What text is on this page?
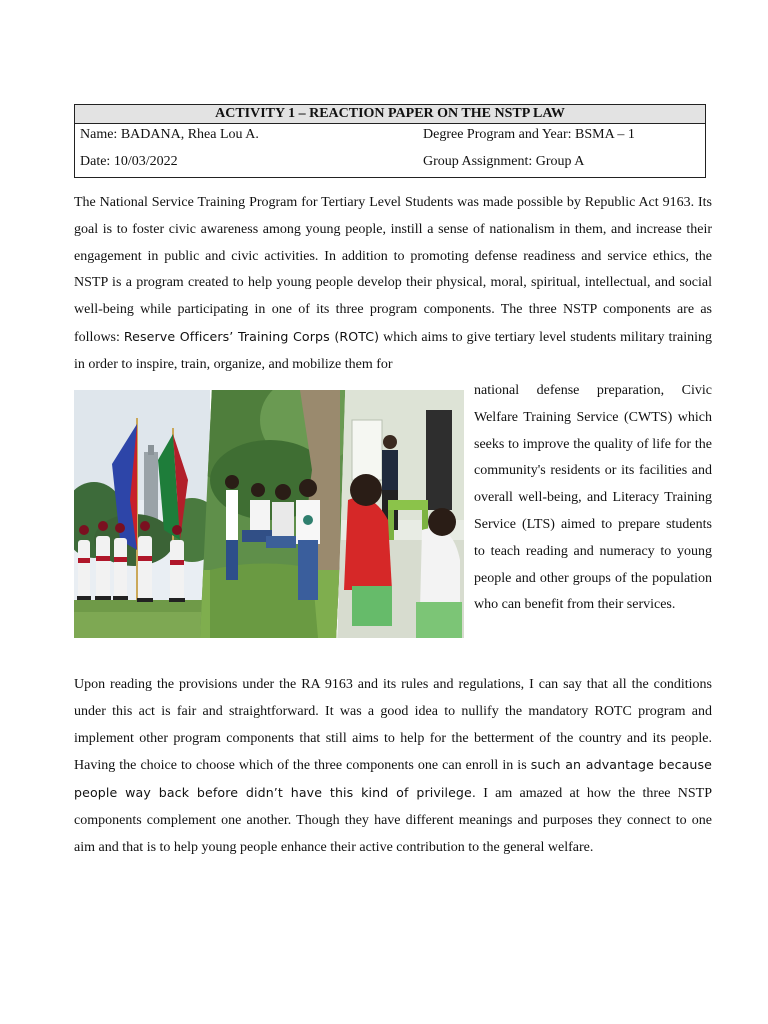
ACTIVITY 1 – REACTION PAPER ON THE NSTP LAW
Name: BADANA, Rhea Lou A.	Degree Program and Year: BSMA – 1
Date: 10/03/2022	Group Assignment: Group A

The National Service Training Program for Tertiary Level Students was made possible by Republic Act 9163. Its goal is to foster civic awareness among young people, instill a sense of nationalism in them, and increase their engagement in public and civic activities. In addition to promoting defense readiness and service ethics, the NSTP is a program created to help young people develop their physical, moral, spiritual, intellectual, and social well-being while participating in one of its three program components. The three NSTP components are as follows: Reserve Officers’ Training Corps (ROTC) which aims to give tertiary level students military training in order to inspire, train, organize, and mobilize them for

national defense preparation, Civic Welfare Training Service (CWTS) which seeks to improve the quality of life for the community's residents or its facilities and overall well-being, and Literacy Training Service (LTS) aimed to prepare students to teach reading and numeracy to young people and other groups of the population who can benefit from their services.

Upon reading the provisions under the RA 9163 and its rules and regulations, I can say that all the conditions under this act is fair and straightforward. It was a good idea to nullify the mandatory ROTC program and implement other program components that still aims to help for the betterment of the country and its people. Having the choice to choose which of the three components one can enroll in is such an advantage because people way back before didn’t have this kind of privilege. I am amazed at how the three NSTP components complement one another. Though they have different meanings and purposes they connect to one aim and that is to help young people enhance their active contribution to the general welfare.
